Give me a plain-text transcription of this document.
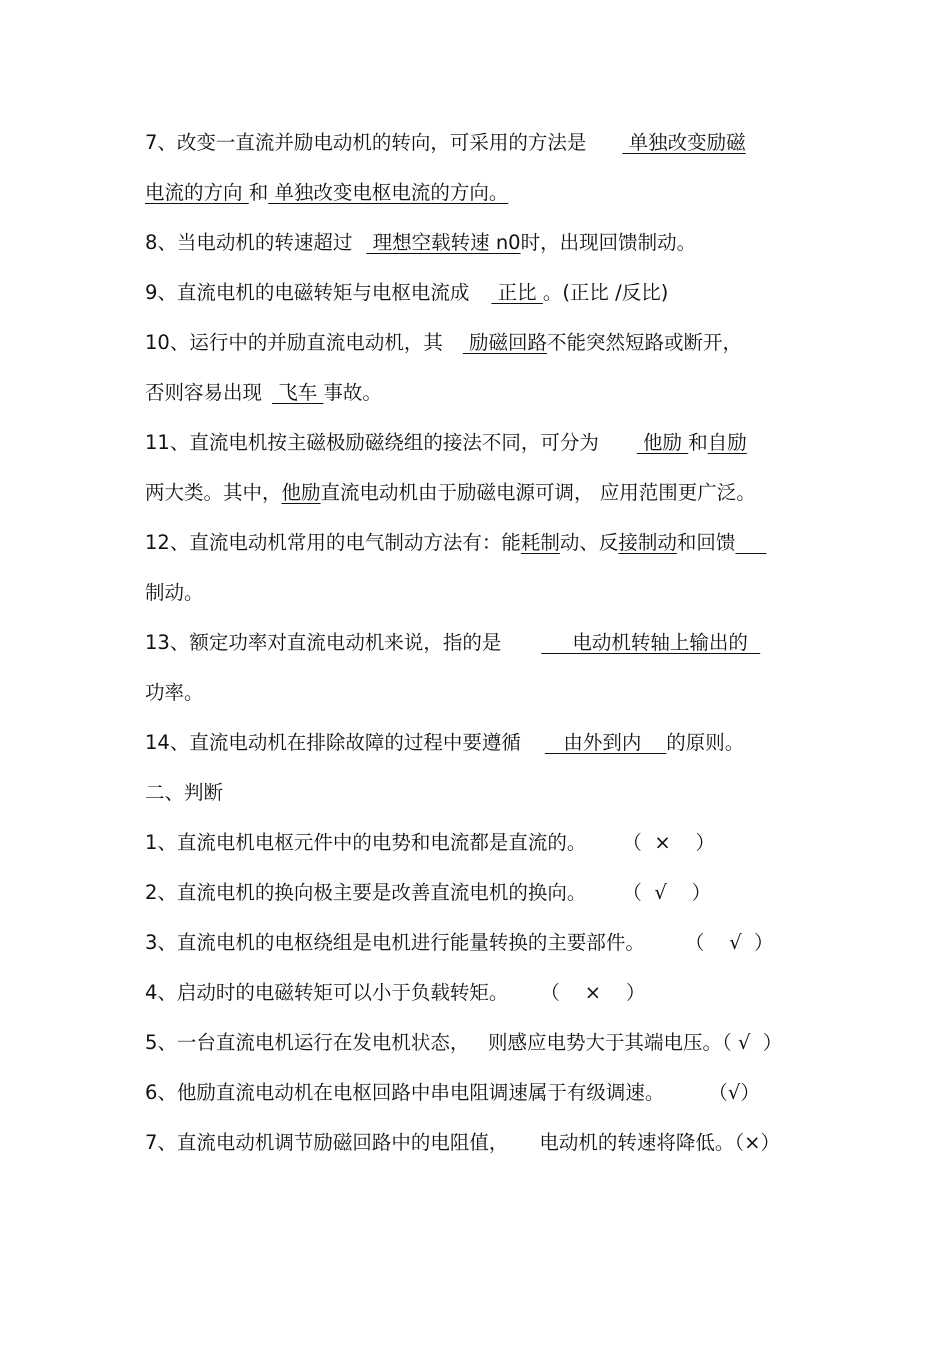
7、改变一直流并励电动机的转向，可采用的方法是 单独改变励磁
电流的方向 和 单独改变电枢电流的方向。
8、当电动机的转速超过 理想空载转速 n0时，出现回馈制动。
9、直流电机的电磁转矩与电枢电流成 正比 。(正比 /反比)
10、运行中的并励直流电动机，其 励磁回路不能突然短路或断开，
否则容易出现 飞车 事故。
11、直流电机按主磁极励磁绕组的接法不同，可分为 他励 和自励
两大类。其中，他励直流电动机由于励磁电源可调， 应用范围更广泛。
12、直流电动机常用的电气制动方法有：能耗制动、反接制动和回馈
制动。
13、额定功率对直流电动机来说，指的是     电动机转轴上输出的
功率。
14、直流电动机在排除故障的过程中要遵循   由外到内    的原则。
二、判断
1、直流电机电枢元件中的电势和电流都是直流的。 （  ×    ）
2、直流电机的换向极主要是改善直流电机的换向。 （  √    ）
3、直流电机的电枢绕组是电机进行能量转换的主要部件。 （    √  ）
4、启动时的电磁转矩可以小于负载转矩。 （    ×    ）
5、一台直流电机运行在发电机状态，   则感应电势大于其端电压。（ √  ）
6、他励直流电动机在电枢回路中串电阻调速属于有级调速。 （√）
7、直流电动机调节励磁回路中的电阻值，     电动机的转速将降低。（×）
